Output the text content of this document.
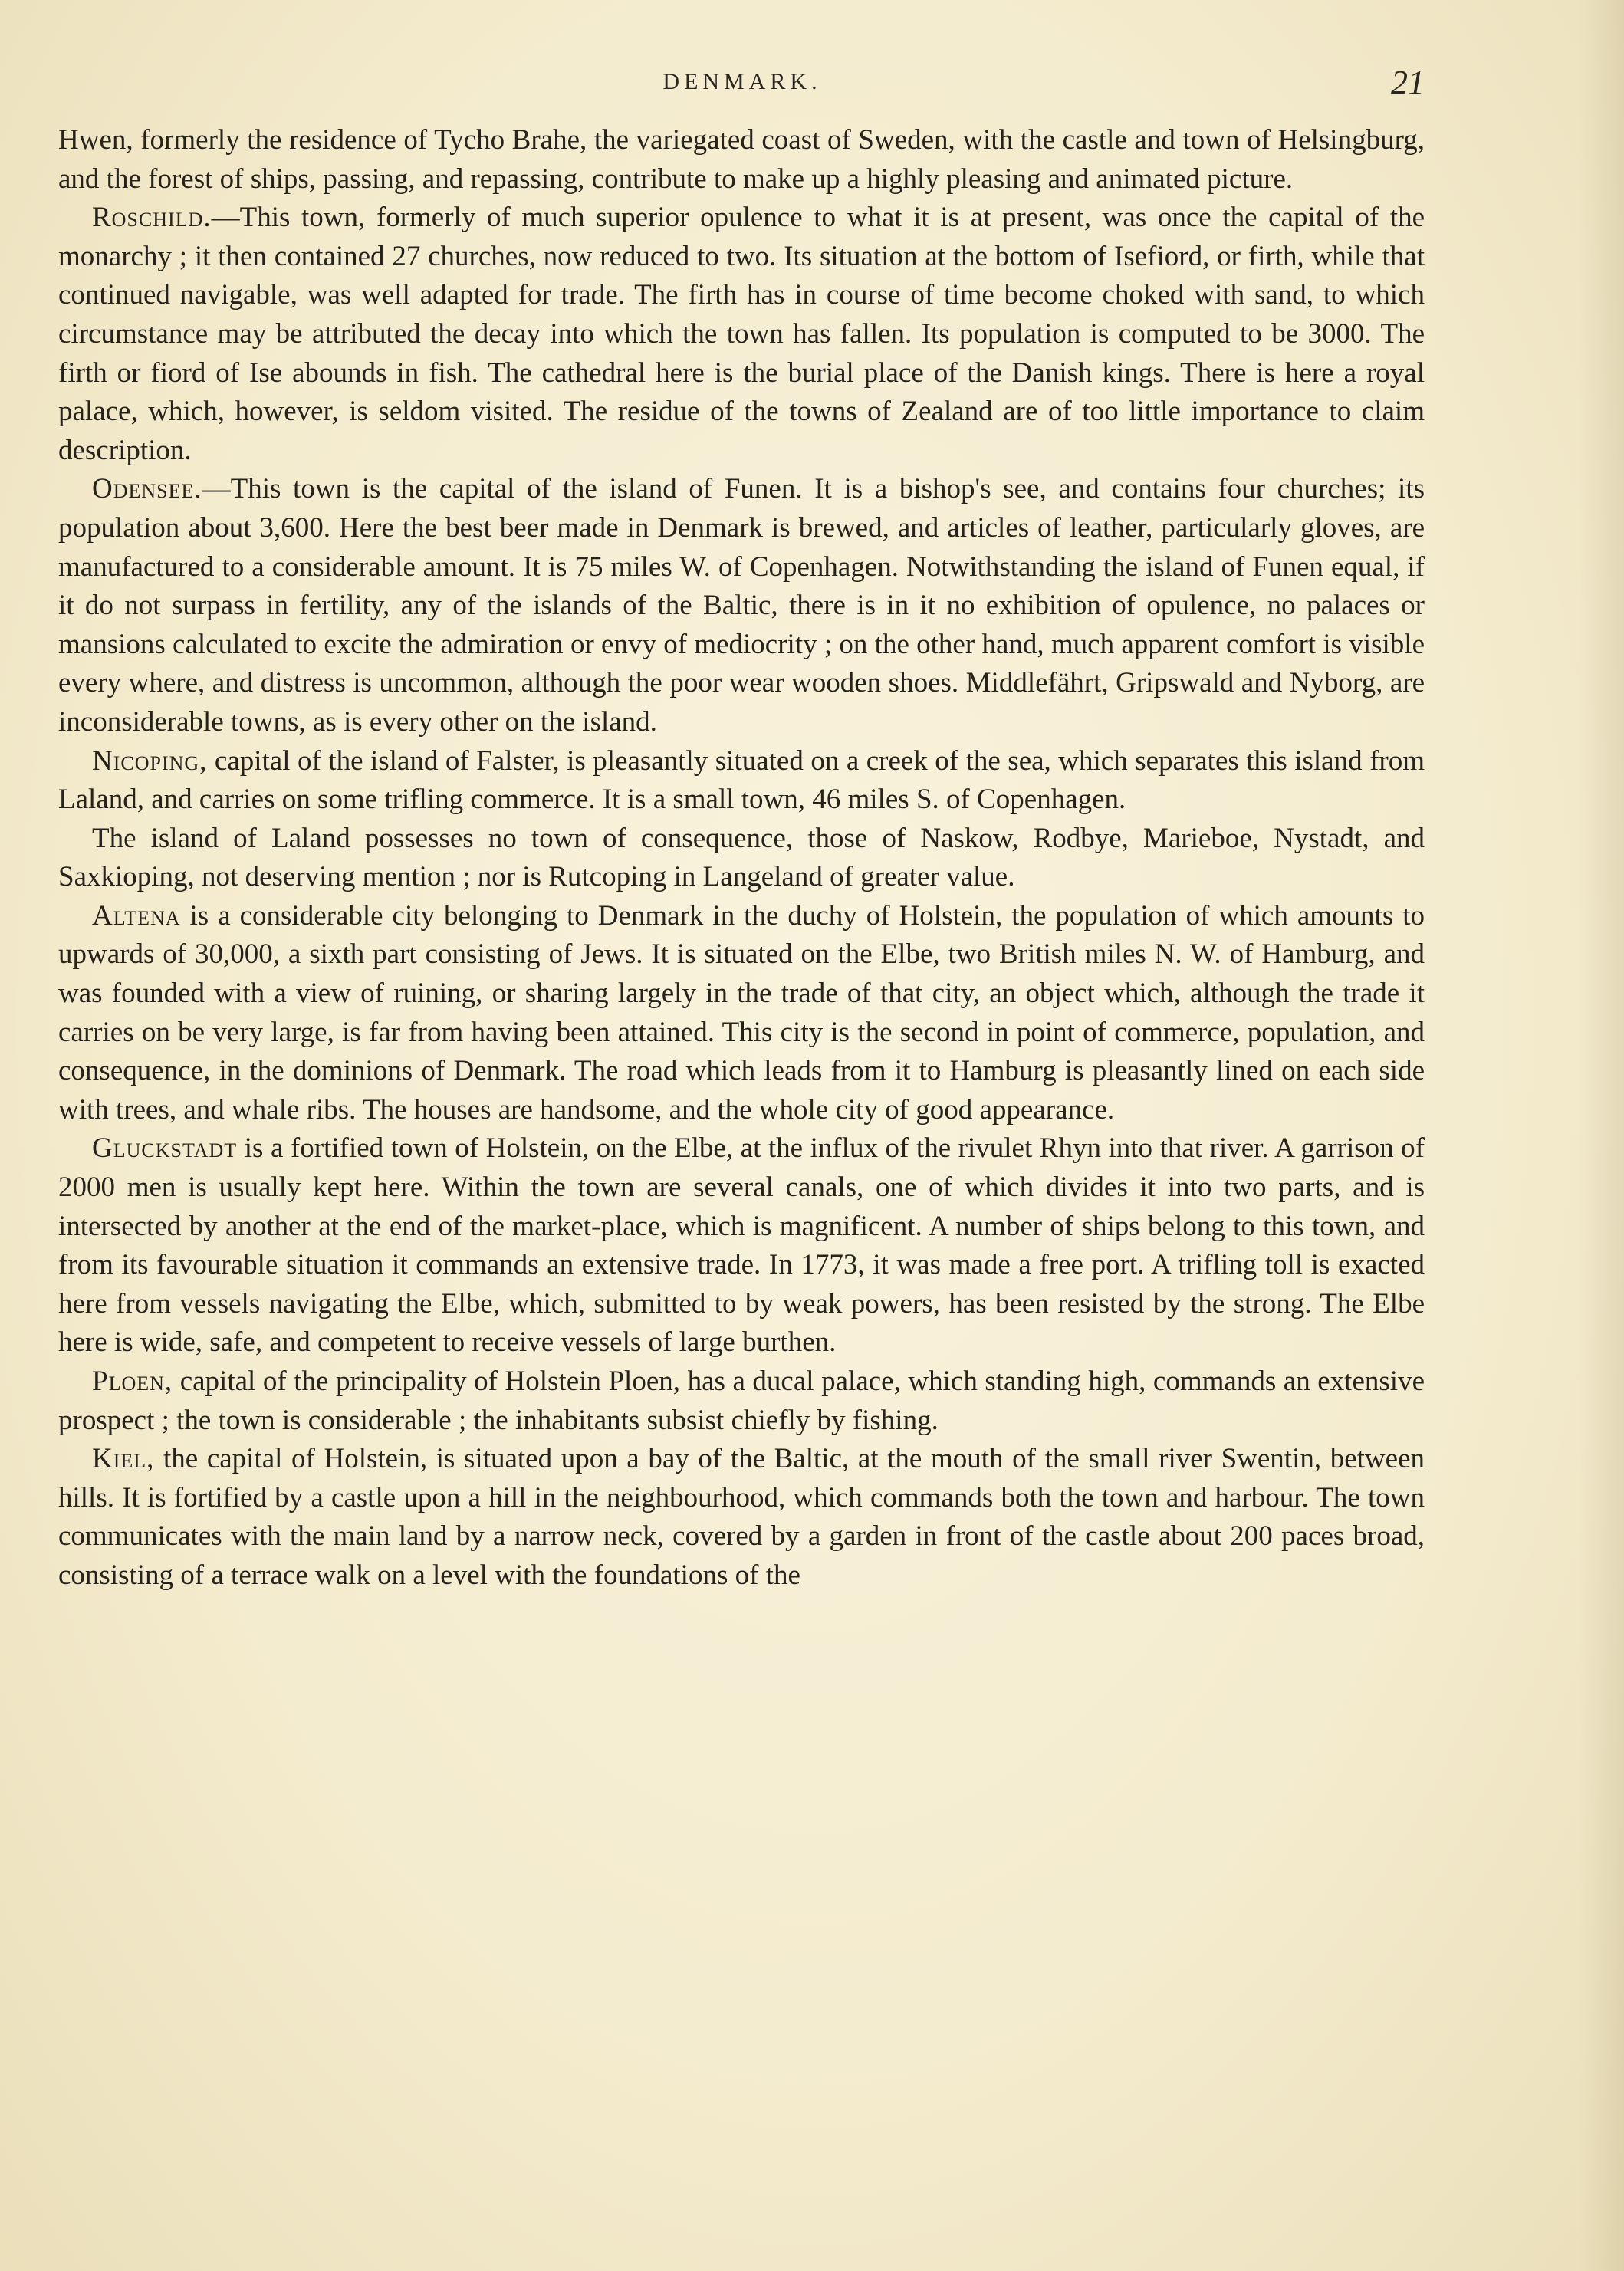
DENMARK.	21

Hwen, formerly the residence of Tycho Brahe, the variegated coast of Sweden, with the castle and town of Helsingburg, and the forest of ships, passing, and repassing, contribute to make up a highly pleasing and animated picture.

Roschild.—This town, formerly of much superior opulence to what it is at present, was once the capital of the monarchy ; it then contained 27 churches, now reduced to two. Its situation at the bottom of Isefiord, or firth, while that continued navigable, was well adapted for trade. The firth has in course of time become choked with sand, to which circumstance may be attributed the decay into which the town has fallen. Its population is computed to be 3000. The firth or fiord of Ise abounds in fish. The cathedral here is the burial place of the Danish kings. There is here a royal palace, which, however, is seldom visited. The residue of the towns of Zealand are of too little importance to claim description.

Odensee.—This town is the capital of the island of Funen. It is a bishop's see, and contains four churches; its population about 3,600. Here the best beer made in Denmark is brewed, and articles of leather, particularly gloves, are manufactured to a considerable amount. It is 75 miles W. of Copenhagen. Notwithstanding the island of Funen equal, if it do not surpass in fertility, any of the islands of the Baltic, there is in it no exhibition of opulence, no palaces or mansions calculated to excite the admiration or envy of mediocrity ; on the other hand, much apparent comfort is visible every where, and distress is uncommon, although the poor wear wooden shoes. Middlefährt, Gripswald and Nyborg, are inconsiderable towns, as is every other on the island.

Nicoping, capital of the island of Falster, is pleasantly situated on a creek of the sea, which separates this island from Laland, and carries on some trifling commerce. It is a small town, 46 miles S. of Copenhagen.

The island of Laland possesses no town of consequence, those of Naskow, Rodbye, Marieboe, Nystadt, and Saxkioping, not deserving mention ; nor is Rutcoping in Langeland of greater value.

Altena is a considerable city belonging to Denmark in the duchy of Holstein, the population of which amounts to upwards of 30,000, a sixth part consisting of Jews. It is situated on the Elbe, two British miles N. W. of Hamburg, and was founded with a view of ruining, or sharing largely in the trade of that city, an object which, although the trade it carries on be very large, is far from having been attained. This city is the second in point of commerce, population, and consequence, in the dominions of Denmark. The road which leads from it to Hamburg is pleasantly lined on each side with trees, and whale ribs. The houses are handsome, and the whole city of good appearance.

Gluckstadt is a fortified town of Holstein, on the Elbe, at the influx of the rivulet Rhyn into that river. A garrison of 2000 men is usually kept here. Within the town are several canals, one of which divides it into two parts, and is intersected by another at the end of the market-place, which is magnificent. A number of ships belong to this town, and from its favourable situation it commands an extensive trade. In 1773, it was made a free port. A trifling toll is exacted here from vessels navigating the Elbe, which, submitted to by weak powers, has been resisted by the strong. The Elbe here is wide, safe, and competent to receive vessels of large burthen.

Ploen, capital of the principality of Holstein Ploen, has a ducal palace, which standing high, commands an extensive prospect ; the town is considerable ; the inhabitants subsist chiefly by fishing.

Kiel, the capital of Holstein, is situated upon a bay of the Baltic, at the mouth of the small river Swentin, between hills. It is fortified by a castle upon a hill in the neighbourhood, which commands both the town and harbour. The town communicates with the main land by a narrow neck, covered by a garden in front of the castle about 200 paces broad, consisting of a terrace walk on a level with the foundations of the
